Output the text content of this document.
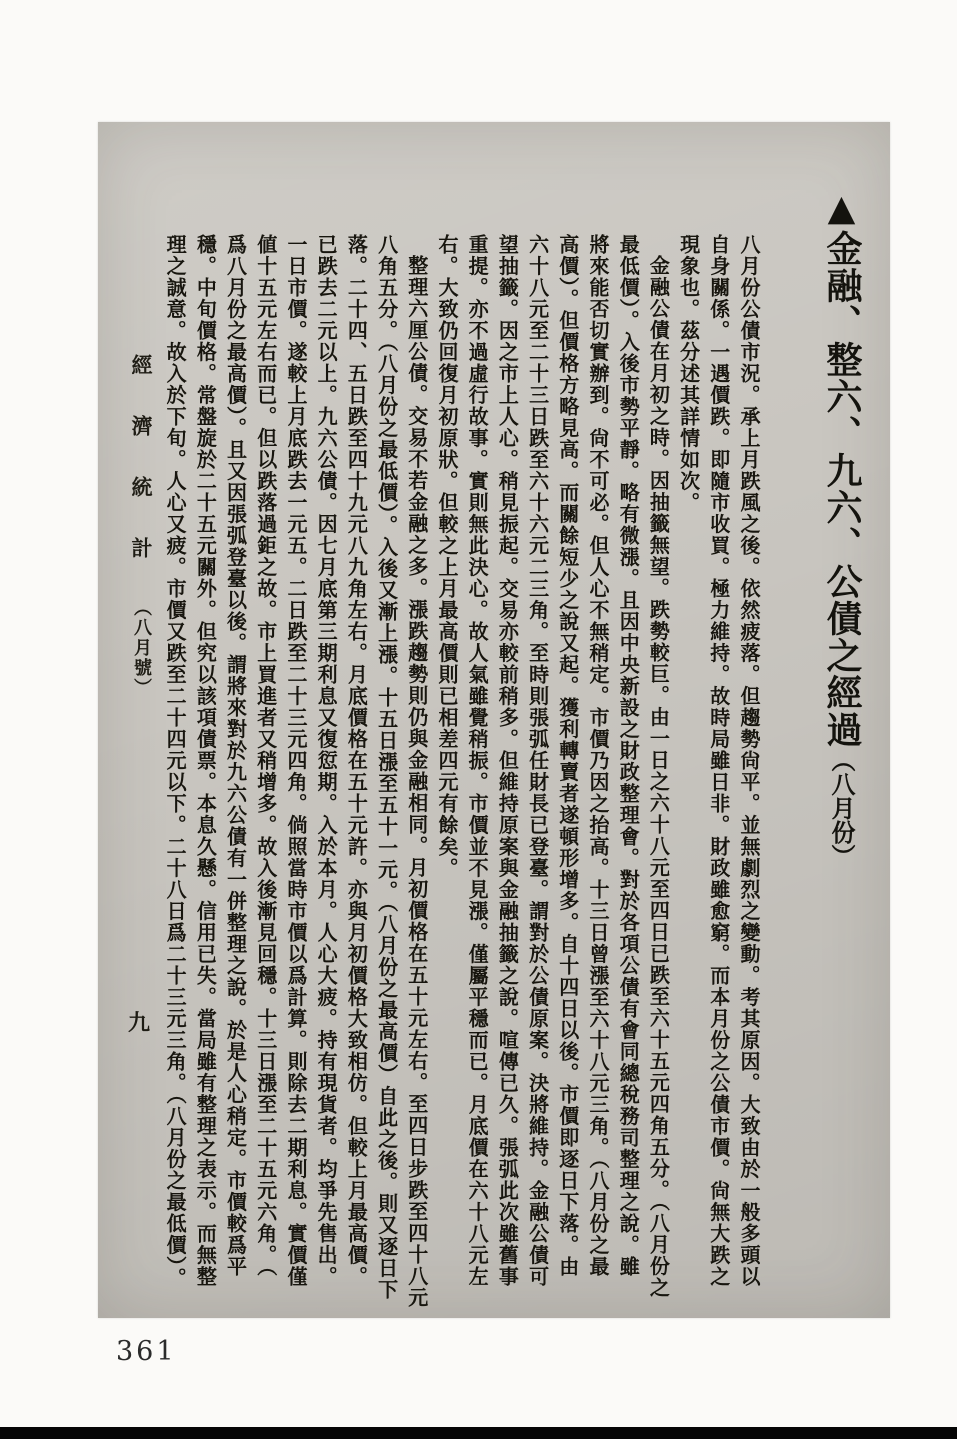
▲金融、整六、九六、公債之經過（八月份）
八月份公債市況。承上月跌風之後。依然疲落。但趨勢尙平。並無劇烈之變動。考其原因。大致由於一般多頭以
自身關係。一遇價跌。即隨市收買。極力維持。故時局雖日非。財政雖愈窮。而本月份之公債市價。尙無大跌之
現象也。茲分述其詳情如次。
金融公債在月初之時。因抽籤無望。跌勢較巨。由一日之六十八元至四日已跌至六十五元四角五分。（八月份之
最低價）。入後市勢平靜。略有微漲。且因中央新設之財政整理會。對於各項公債有會同總稅務司整理之說。雖
將來能否切實辦到。尙不可必。但人心不無稍定。市價乃因之抬高。十三日曾漲至六十八元三角。（八月份之最
高價）。但價格方略見高。而關餘短少之說又起。獲利轉賣者遂頓形增多。自十四日以後。市價即逐日下落。由
六十八元至二十三日跌至六十六元二三角。至時則張弧任財長已登臺。謂對於公債原案。決將維持。金融公債可
望抽籤。因之市上人心。稍見振起。交易亦較前稍多。但維持原案與金融抽籤之說。喧傳已久。張弧此次雖舊事
重提。亦不過虛行故事。實則無此決心。故人氣雖覺稍振。市價並不見漲。僅屬平穩而已。月底價在六十八元左
右。大致仍回復月初原狀。但較之上月最高價則已相差四元有餘矣。
整理六厘公債。交易不若金融之多。漲跌趨勢則仍與金融相同。月初價格在五十元左右。至四日步跌至四十八元
八角五分。（八月份之最低價）。入後又漸上漲。十五日漲至五十一元。（八月份之最高價）自此之後。則又逐日下
落。二十四、五日跌至四十九元八九角左右。月底價格在五十元許。亦與月初價格大致相仿。但較上月最高價。
已跌去二元以上。九六公債。因七月底第三期利息又復愆期。入於本月。人心大疲。持有現貨者。均爭先售出。
一日市價。遂較上月底跌去一元五。二日跌至二十三元四角。倘照當時市價以爲計算。則除去二期利息。實價僅
値十五元左右而已。但以跌落過鉅之故。市上買進者又稍增多。故入後漸見回穩。十三日漲至二十五元六角。（
爲八月份之最高價）。且又因張弧登臺以後。謂將來對於九六公債有一併整理之說。於是人心稍定。市價較爲平
穩。中旬價格。常盤旋於二十五元關外。但究以該項債票。本息久懸。信用已失。當局雖有整理之表示。而無整
理之誠意。故入於下旬。人心又疲。市價又跌至二十四元以下。二十八日爲二十三元三角。（八月份之最低價）。
經濟統計（八月號）
九
361
